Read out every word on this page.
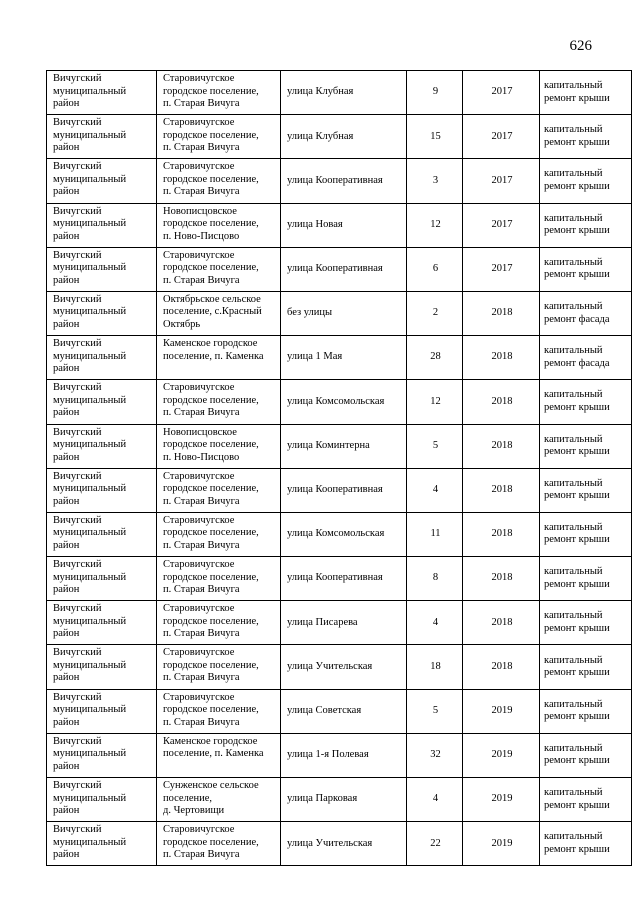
626
Вичугский муниципальный район	Старовичугское
городское поселение,
п. Старая Вичуга	улица Клубная	9	2017	капитальный
ремонт крыши
Вичугский муниципальный район	Старовичугское
городское поселение,
п. Старая Вичуга	улица Клубная	15	2017	капитальный
ремонт крыши
Вичугский муниципальный район	Старовичугское
городское поселение,
п. Старая Вичуга	улица Кооперативная	3	2017	капитальный
ремонт крыши
Вичугский муниципальный район	Новописцовское
городское поселение,
п. Ново-Писцово	улица Новая	12	2017	капитальный
ремонт крыши
Вичугский муниципальный район	Старовичугское
городское поселение,
п. Старая Вичуга	улица Кооперативная	6	2017	капитальный
ремонт крыши
Вичугский муниципальный район	Октябрьское сельское
поселение, с.Красный
Октябрь	без улицы	2	2018	капитальный
ремонт фасада
Вичугский муниципальный район	Каменское городское
поселение, п. Каменка	улица 1 Мая	28	2018	капитальный
ремонт фасада
Вичугский муниципальный район	Старовичугское
городское поселение,
п. Старая Вичуга	улица Комсомольская	12	2018	капитальный
ремонт крыши
Вичугский муниципальный район	Новописцовское
городское поселение,
п. Ново-Писцово	улица Коминтерна	5	2018	капитальный
ремонт крыши
Вичугский муниципальный район	Старовичугское
городское поселение,
п. Старая Вичуга	улица Кооперативная	4	2018	капитальный
ремонт крыши
Вичугский муниципальный район	Старовичугское
городское поселение,
п. Старая Вичуга	улица Комсомольская	11	2018	капитальный
ремонт крыши
Вичугский муниципальный район	Старовичугское
городское поселение,
п. Старая Вичуга	улица Кооперативная	8	2018	капитальный
ремонт крыши
Вичугский муниципальный район	Старовичугское
городское поселение,
п. Старая Вичуга	улица Писарева	4	2018	капитальный
ремонт крыши
Вичугский муниципальный район	Старовичугское
городское поселение,
п. Старая Вичуга	улица Учительская	18	2018	капитальный
ремонт крыши
Вичугский муниципальный район	Старовичугское
городское поселение,
п. Старая Вичуга	улица Советская	5	2019	капитальный
ремонт крыши
Вичугский муниципальный район	Каменское городское
поселение, п. Каменка	улица 1-я Полевая	32	2019	капитальный
ремонт крыши
Вичугский муниципальный район	Сунженское сельское
поселение,
д. Чертовищи	улица Парковая	4	2019	капитальный
ремонт крыши
Вичугский муниципальный район	Старовичугское
городское поселение,
п. Старая Вичуга	улица Учительская	22	2019	капитальный
ремонт крыши
